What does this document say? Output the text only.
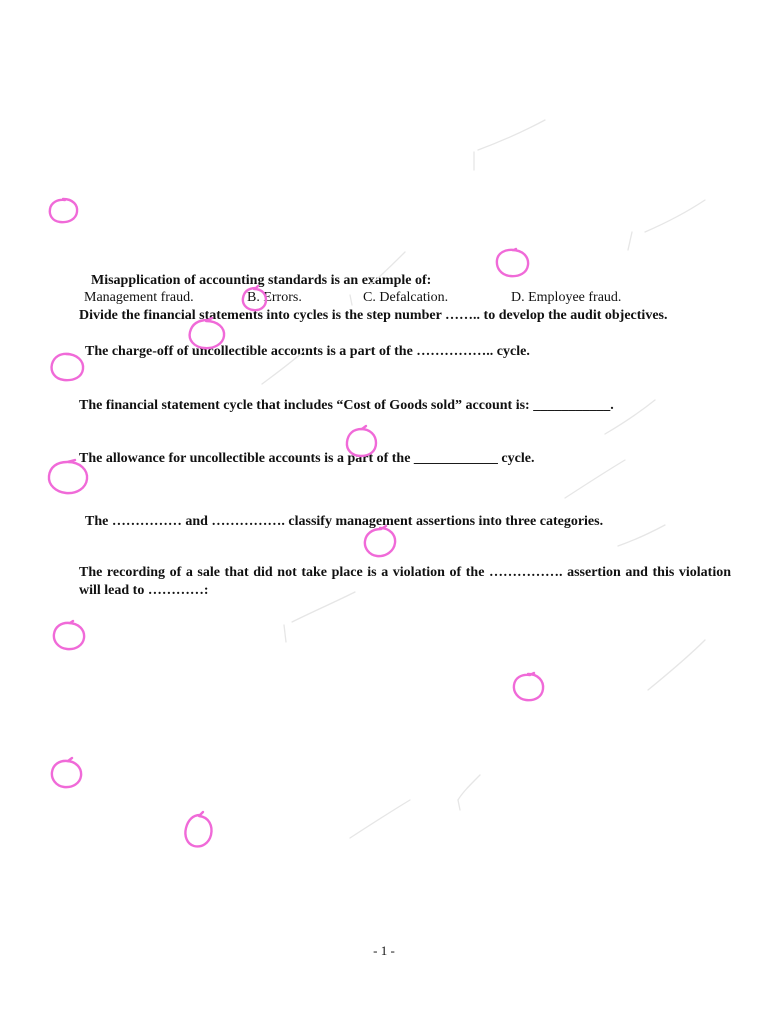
Misapplication of accounting standards is an example of:
Management fraud.	B. Errors.	C. Defalcation.	D. Employee fraud.
Divide the financial statements into cycles is the step number …….. to develop the audit objectives.
The charge-off of uncollectible accounts is a part of the …………….. cycle.
The financial statement cycle that includes “Cost of Goods sold” account is: ___________.
The allowance for uncollectible accounts is a part of the ____________ cycle.
The …………… and ……………. classify management assertions into three categories.
The recording of a sale that did not take place is a violation of the ……………. assertion and this violation will lead to …………:
- 1 -
